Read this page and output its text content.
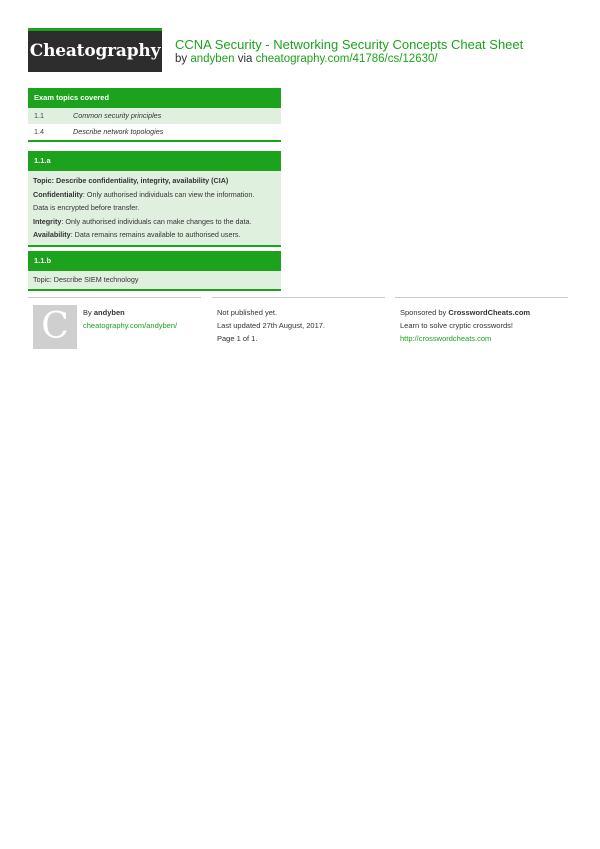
Cheatography CCNA Security - Networking Security Concepts Cheat Sheet
by andyben via cheatography.com/41786/cs/12630/
Exam topics covered
1.1	Common security principles
1.4	Describe network topologies
1.1.a
Topic: Describe confidentiality, integrity, availability (CIA)
Confidentiality: Only authorised individuals can view the information.
Data is encrypted before transfer.
Integrity: Only authorised individuals can make changes to the data.
Availability: Data remains remains available to authorised users.
1.1.b
Topic: Describe SIEM technology
C	By andyben
cheatography.com/andyben/
Not published yet.
Last updated 27th August, 2017.
Page 1 of 1.
Sponsored by CrosswordCheats.com
Learn to solve cryptic crosswords!
http://crosswordcheats.com
